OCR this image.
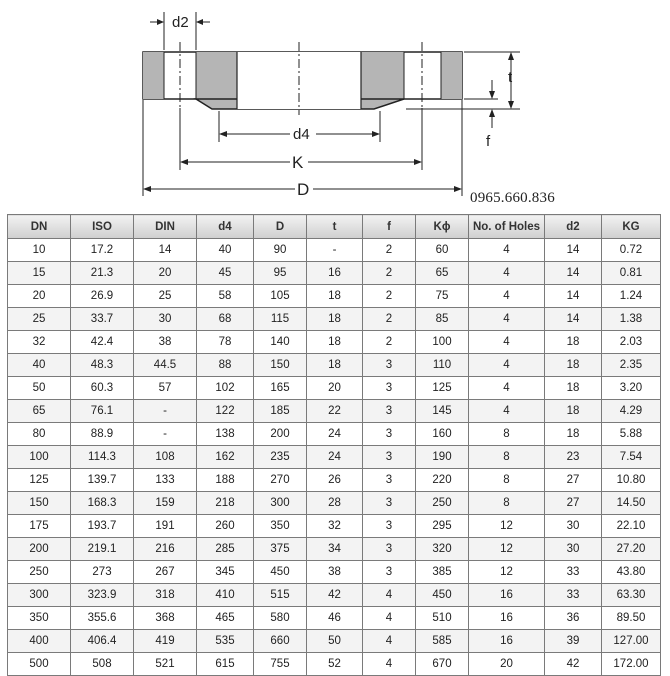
d2
t
f
d4
K
D	0965.660.836
DN	ISO	DIN	d4	D	t	f	Kϕ	No. of Holes	d2	KG
10	17.2	14	40	90	-	2	60	4	14	0.72
15	21.3	20	45	95	16	2	65	4	14	0.81
20	26.9	25	58	105	18	2	75	4	14	1.24
25	33.7	30	68	115	18	2	85	4	14	1.38
32	42.4	38	78	140	18	2	100	4	18	2.03
40	48.3	44.5	88	150	18	3	110	4	18	2.35
50	60.3	57	102	165	20	3	125	4	18	3.20
65	76.1	-	122	185	22	3	145	4	18	4.29
80	88.9	-	138	200	24	3	160	8	18	5.88
100	114.3	108	162	235	24	3	190	8	23	7.54
125	139.7	133	188	270	26	3	220	8	27	10.80
150	168.3	159	218	300	28	3	250	8	27	14.50
175	193.7	191	260	350	32	3	295	12	30	22.10
200	219.1	216	285	375	34	3	320	12	30	27.20
250	273	267	345	450	38	3	385	12	33	43.80
300	323.9	318	410	515	42	4	450	16	33	63.30
350	355.6	368	465	580	46	4	510	16	36	89.50
400	406.4	419	535	660	50	4	585	16	39	127.00
500	508	521	615	755	52	4	670	20	42	172.00
